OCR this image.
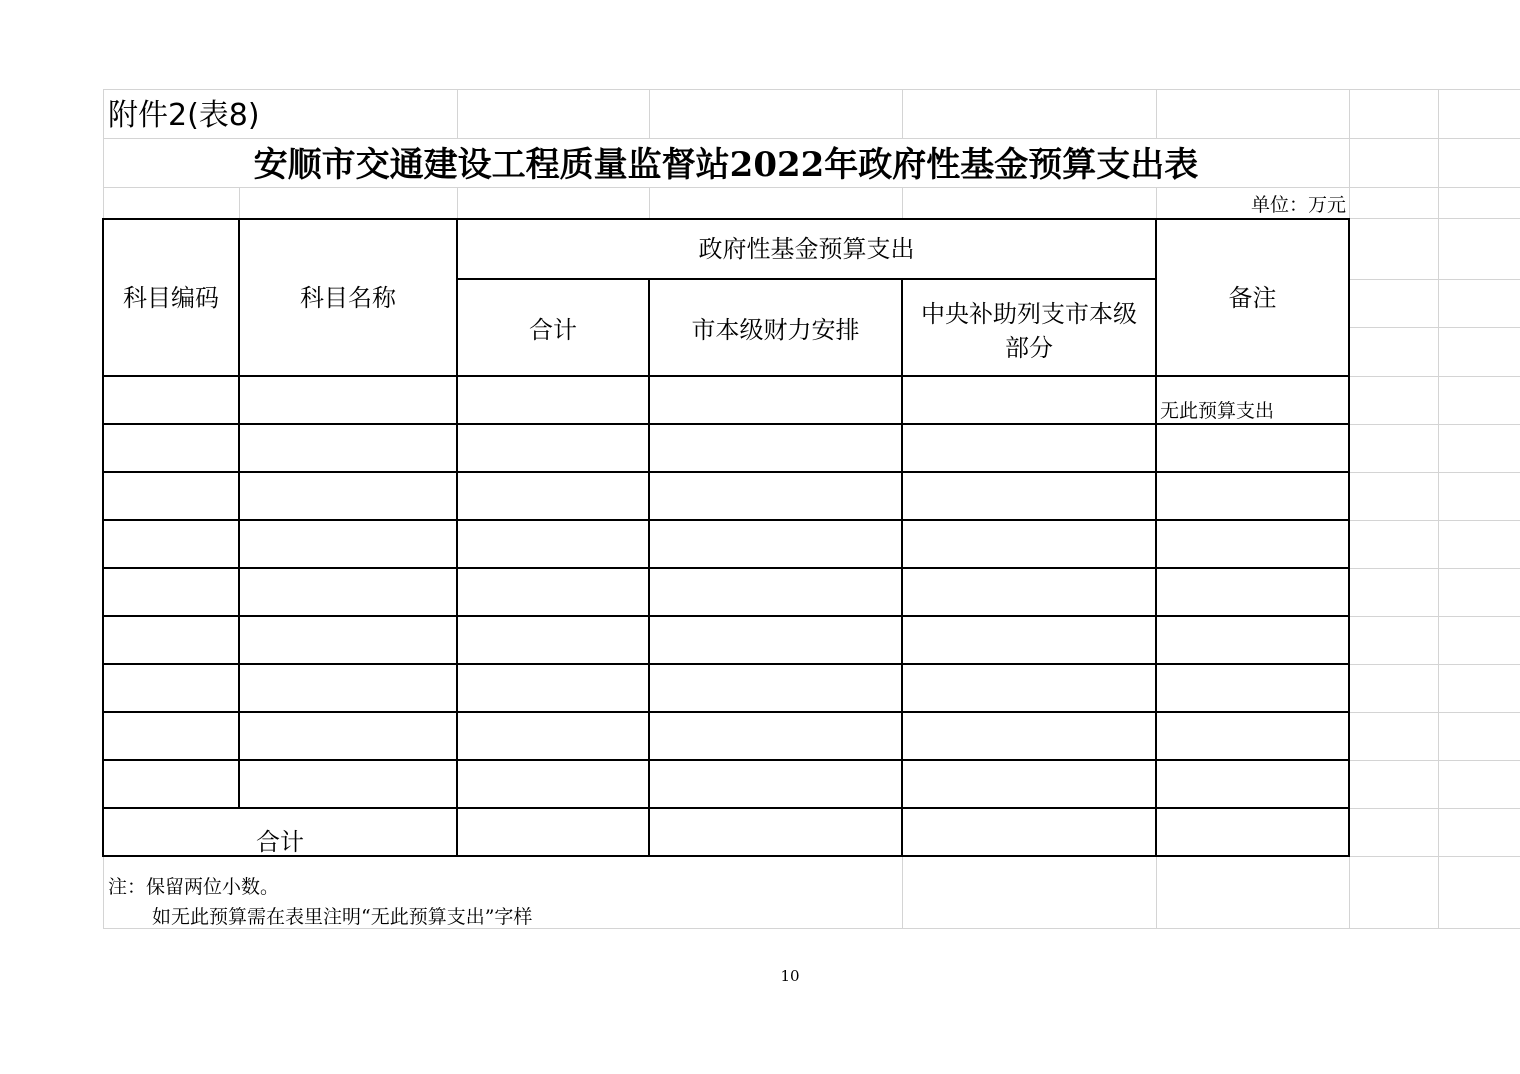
附件2(表8)
安顺市交通建设工程质量监督站2022年政府性基金预算支出表
单位：万元
科目编码	科目名称
政府性基金预算支出
合计	市本级财力安排
中央补助列支市本级部分
备注
无此预算支出
合计
注：保留两位小数。
如无此预算需在表里注明“无此预算支出”字样
10
